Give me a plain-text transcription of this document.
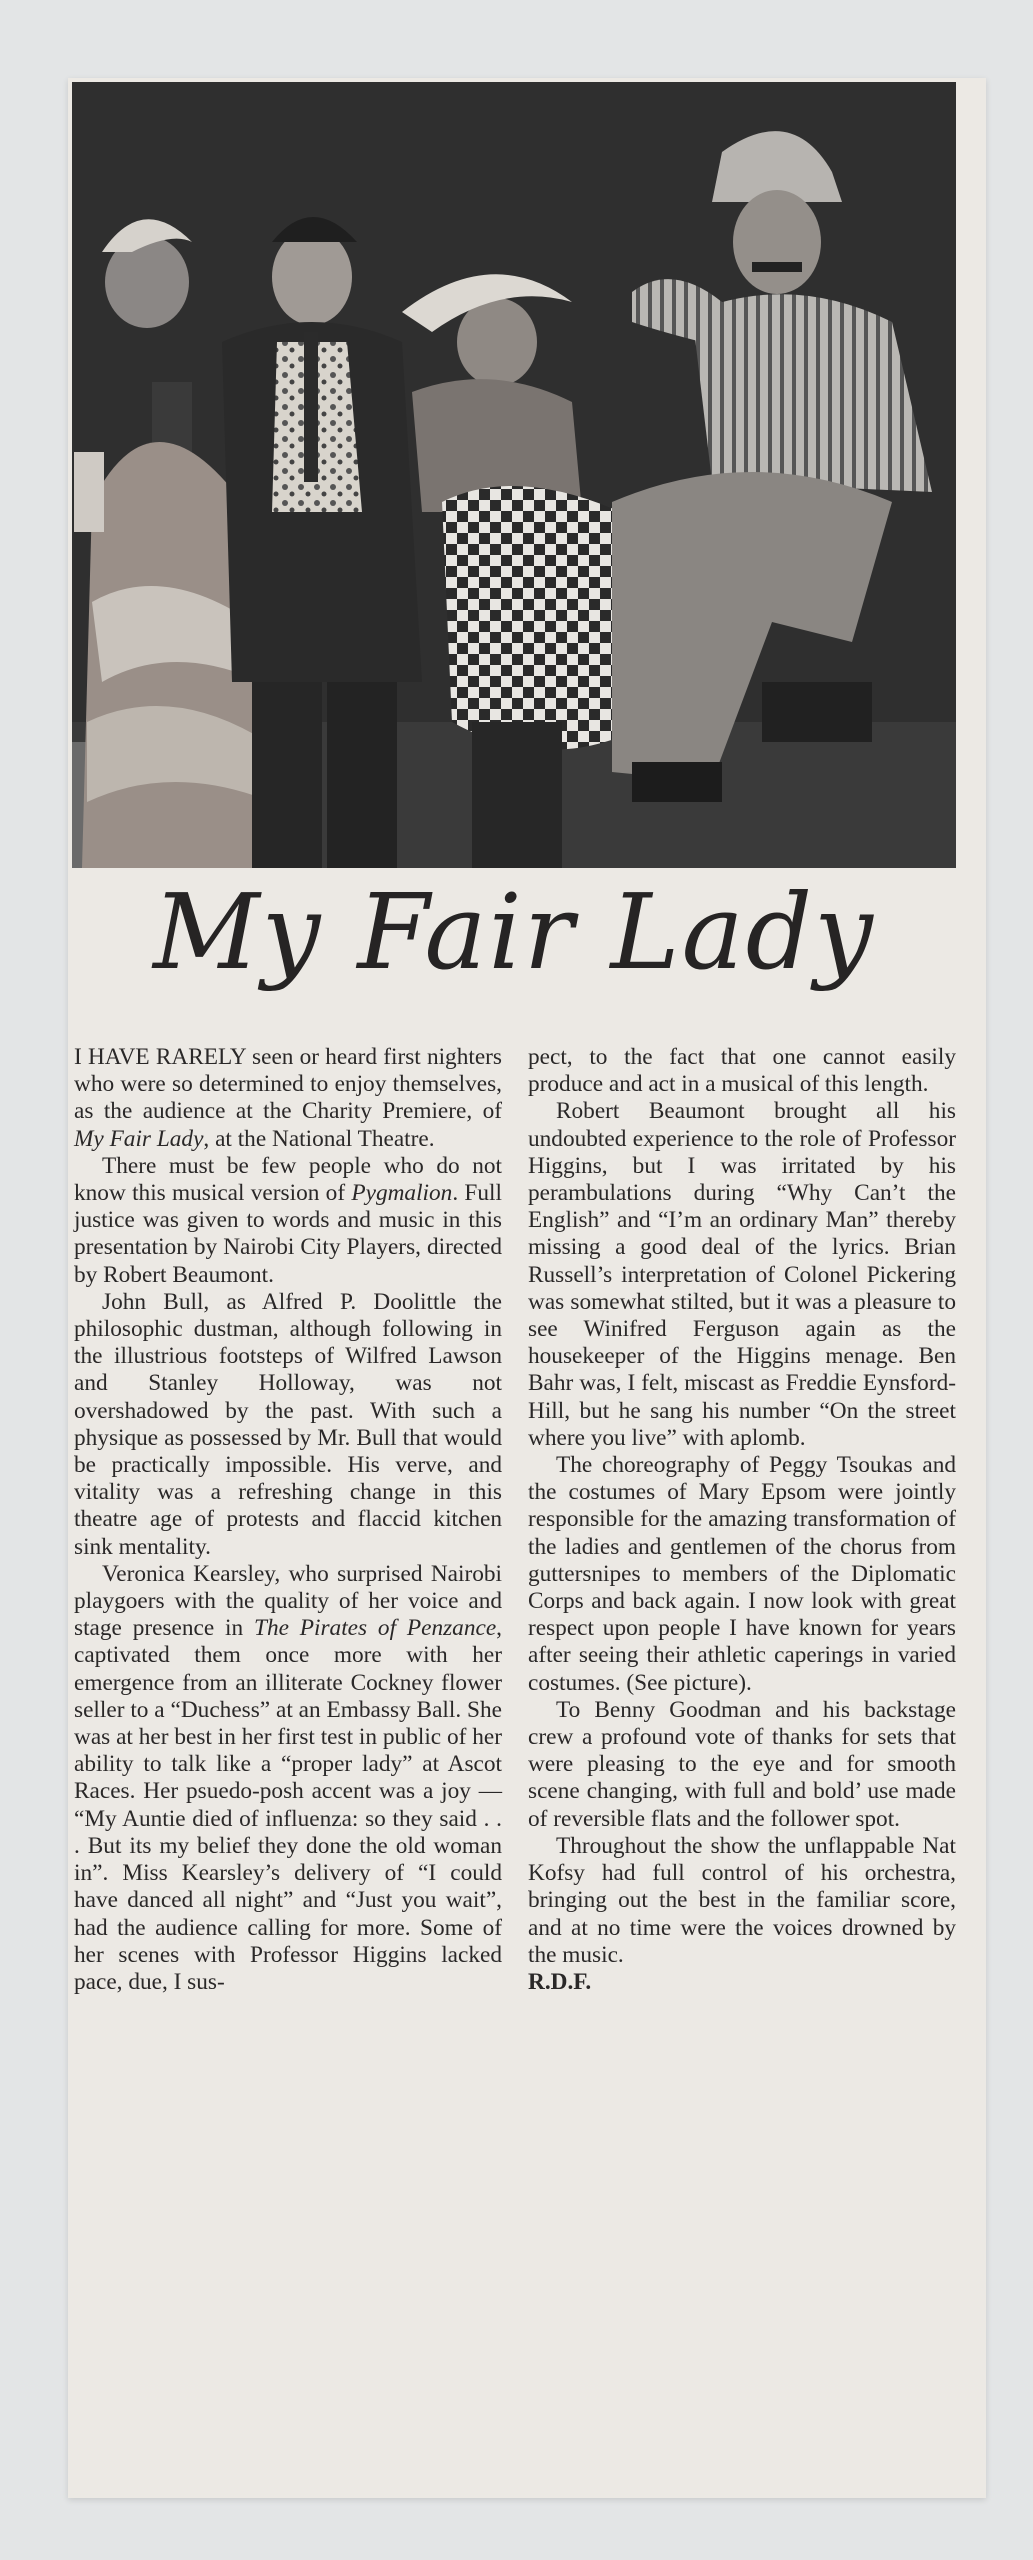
My Fair Lady

I HAVE RARELY seen or heard first nighters who were so determined to enjoy themselves, as the audience at the Charity Premiere, of My Fair Lady, at the National Theatre.

There must be few people who do not know this musical version of Pygmalion. Full justice was given to words and music in this presentation by Nairobi City Players, directed by Robert Beaumont.

John Bull, as Alfred P. Doolittle the philosophic dustman, although following in the illustrious footsteps of Wilfred Lawson and Stanley Holloway, was not overshadowed by the past. With such a physique as possessed by Mr. Bull that would be practically impossible. His verve, and vitality was a refreshing change in this theatre age of protests and flaccid kitchen sink mentality.

Veronica Kearsley, who surprised Nairobi playgoers with the quality of her voice and stage presence in The Pirates of Penzance, captivated them once more with her emergence from an illiterate Cockney flower seller to a “Duchess” at an Embassy Ball. She was at her best in her first test in public of her ability to talk like a “proper lady” at Ascot Races. Her psuedo-posh accent was a joy — “My Auntie died of influenza: so they said . . . But its my belief they done the old woman in”. Miss Kearsley’s delivery of “I could have danced all night” and “Just you wait”, had the audience calling for more. Some of her scenes with Professor Higgins lacked pace, due, I sus-

pect, to the fact that one cannot easily produce and act in a musical of this length.

Robert Beaumont brought all his undoubted experience to the role of Professor Higgins, but I was irritated by his perambulations during “Why Can’t the English” and “I’m an ordinary Man” thereby missing a good deal of the lyrics. Brian Russell’s interpretation of Colonel Pickering was somewhat stilted, but it was a pleasure to see Winifred Ferguson again as the housekeeper of the Higgins menage. Ben Bahr was, I felt, miscast as Freddie Eynsford-Hill, but he sang his number “On the street where you live” with aplomb.

The choreography of Peggy Tsoukas and the costumes of Mary Epsom were jointly responsible for the amazing transformation of the ladies and gentlemen of the chorus from guttersnipes to members of the Diplomatic Corps and back again. I now look with great respect upon people I have known for years after seeing their athletic caperings in varied costumes. (See picture).

To Benny Goodman and his backstage crew a profound vote of thanks for sets that were pleasing to the eye and for smooth scene changing, with full and bold’ use made of reversible flats and the follower spot.

Throughout the show the unflappable Nat Kofsy had full control of his orchestra, bringing out the best in the familiar score, and at no time were the voices drowned by the music.

R.D.F.
